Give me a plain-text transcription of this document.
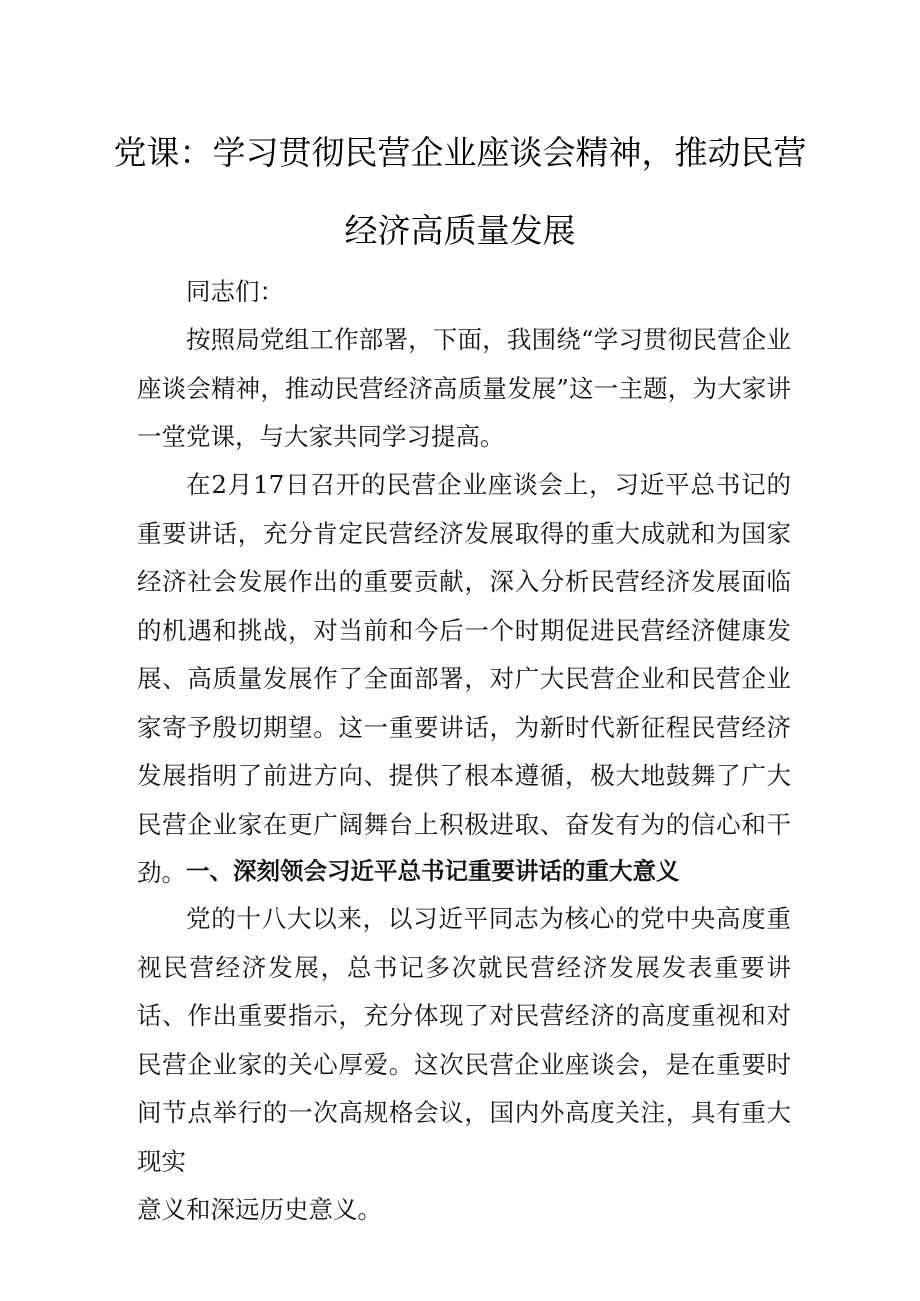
党课：学习贯彻民营企业座谈会精神，推动民营
经济高质量发展

同志们：

按照局党组工作部署，下面，我围绕“学习贯彻民营企业座谈会精神，推动民营经济高质量发展”这一主题，为大家讲一堂党课，与大家共同学习提高。

在2月17日召开的民营企业座谈会上，习近平总书记的重要讲话，充分肯定民营经济发展取得的重大成就和为国家经济社会发展作出的重要贡献，深入分析民营经济发展面临的机遇和挑战，对当前和今后一个时期促进民营经济健康发展、高质量发展作了全面部署，对广大民营企业和民营企业家寄予殷切期望。这一重要讲话，为新时代新征程民营经济发展指明了前进方向、提供了根本遵循，极大地鼓舞了广大民营企业家在更广阔舞台上积极进取、奋发有为的信心和干劲。 一、深刻领会习近平总书记重要讲话的重大意义

党的十八大以来，以习近平同志为核心的党中央高度重视民营经济发展，总书记多次就民营经济发展发表重要讲话、作出重要指示，充分体现了对民营经济的高度重视和对民营企业家的关心厚爱。这次民营企业座谈会，是在重要时间节点举行的一次高规格会议，国内外高度关注，具有重大现实
意义和深远历史意义。
